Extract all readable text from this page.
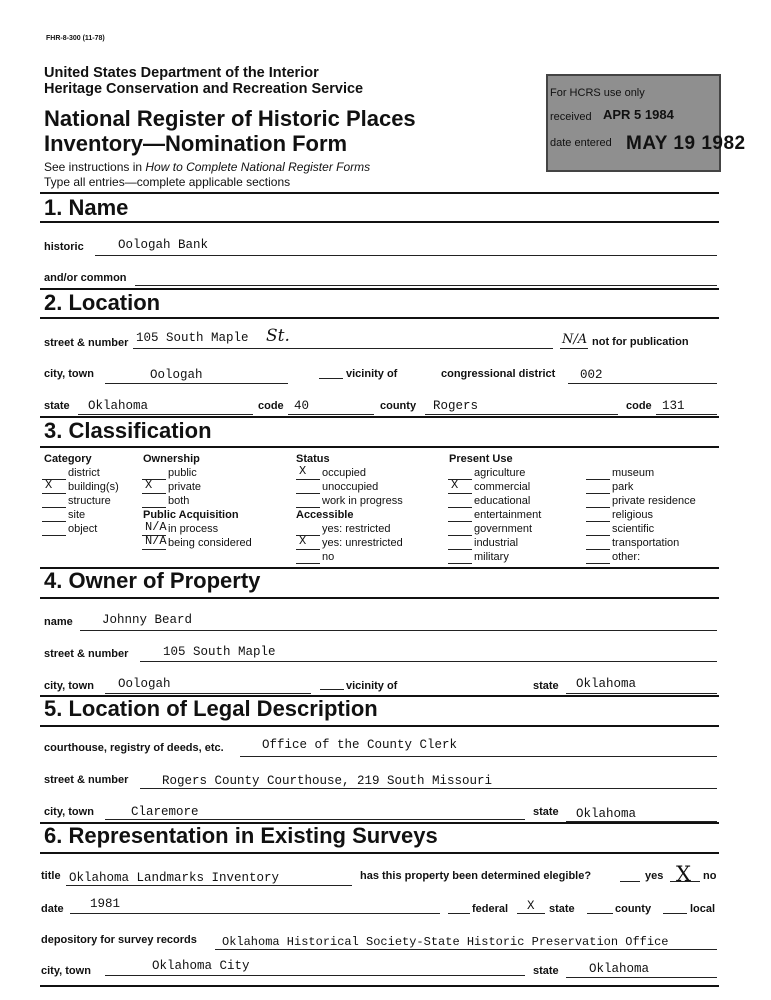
FHR-8-300 (11-78)
United States Department of the Interior
Heritage Conservation and Recreation Service
National Register of Historic Places
Inventory—Nomination Form
See instructions in How to Complete National Register Forms
Type all entries—complete applicable sections
For HCRS use only
received APR 5 1984
date entered MAY 19 1982
1. Name
historic	Oologah Bank
and/or common
2. Location
street & number 105 South Maple St.	N/A not for publication
city, town	Oologah	vicinity of	congressional district 002
state Oklahoma	code 40	county Rogers	code 131
3. Classification
Category
district
X building(s)
structure
site
object
Ownership
public
X private
both
Public Acquisition
N/A in process
N/A being considered
Status
X occupied
unoccupied
work in progress
Accessible
yes: restricted
X yes: unrestricted
no
Present Use
agriculture
X commercial
educational
entertainment
government
industrial
military
museum
park
private residence
religious
scientific
transportation
other:
4. Owner of Property
name Johnny Beard
street & number	105 South Maple
city, town Oologah	vicinity of	state Oklahoma
5. Location of Legal Description
courthouse, registry of deeds, etc.	Office of the County Clerk
street & number	Rogers County Courthouse, 219 South Missouri
city, town	Claremore	state Oklahoma
6. Representation in Existing Surveys
title Oklahoma Landmarks Inventory	has this property been determined elegible?	yes X no
date 1981	federal X state	county	local
depository for survey records Oklahoma Historical Society-State Historic Preservation Office
city, town	Oklahoma City	state Oklahoma
